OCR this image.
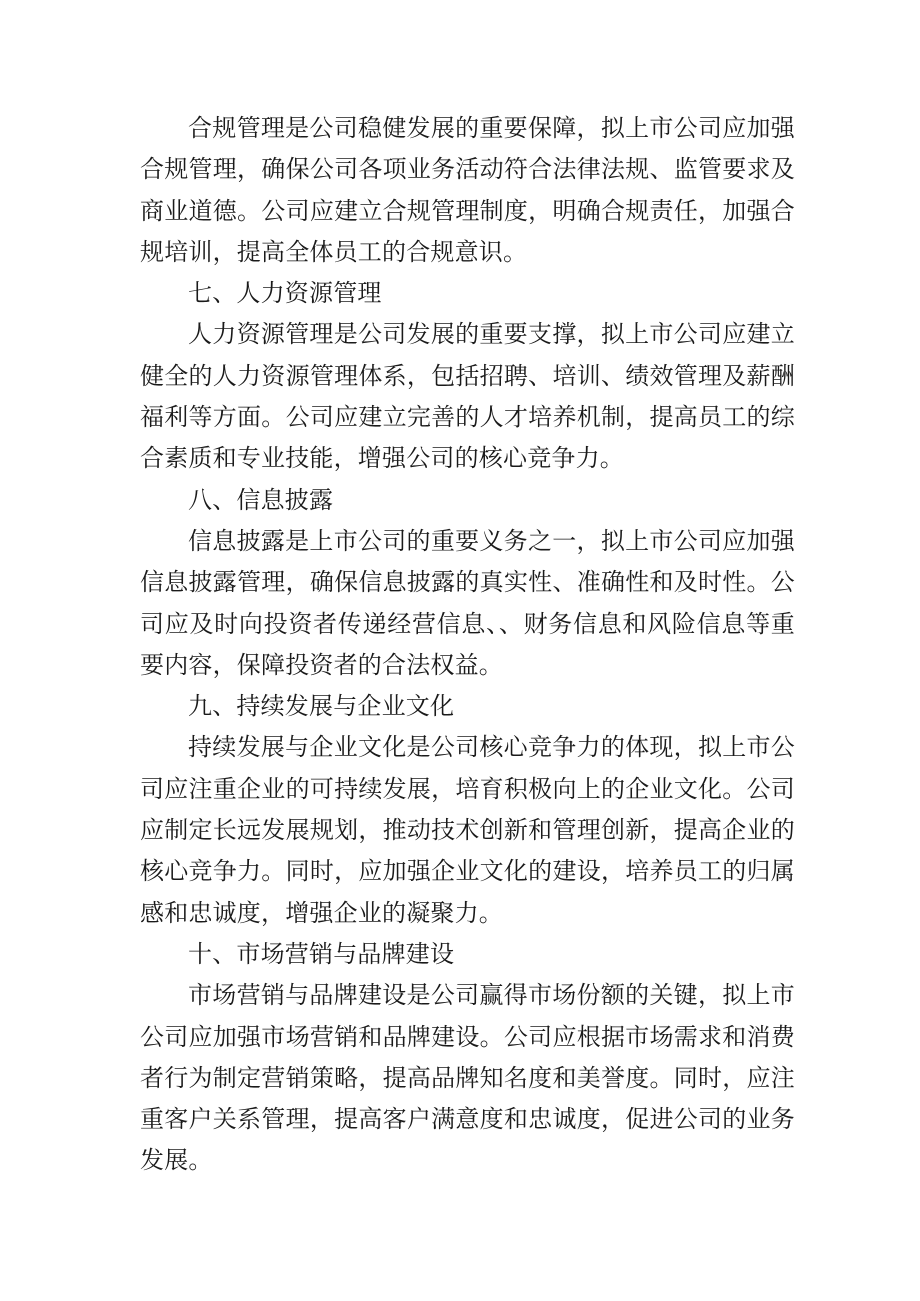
合规管理是公司稳健发展的重要保障，拟上市公司应加强合规管理，确保公司各项业务活动符合法律法规、监管要求及商业道德。公司应建立合规管理制度，明确合规责任，加强合规培训，提高全体员工的合规意识。

七、人力资源管理

人力资源管理是公司发展的重要支撑，拟上市公司应建立健全的人力资源管理体系，包括招聘、培训、绩效管理及薪酬福利等方面。公司应建立完善的人才培养机制，提高员工的综合素质和专业技能，增强公司的核心竞争力。

八、信息披露

信息披露是上市公司的重要义务之一，拟上市公司应加强信息披露管理，确保信息披露的真实性、准确性和及时性。公司应及时向投资者传递经营信息、、财务信息和风险信息等重要内容，保障投资者的合法权益。

九、持续发展与企业文化

持续发展与企业文化是公司核心竞争力的体现，拟上市公司应注重企业的可持续发展，培育积极向上的企业文化。公司应制定长远发展规划，推动技术创新和管理创新，提高企业的核心竞争力。同时，应加强企业文化的建设，培养员工的归属感和忠诚度，增强企业的凝聚力。

十、市场营销与品牌建设

市场营销与品牌建设是公司赢得市场份额的关键，拟上市公司应加强市场营销和品牌建设。公司应根据市场需求和消费者行为制定营销策略，提高品牌知名度和美誉度。同时，应注重客户关系管理，提高客户满意度和忠诚度，促进公司的业务发展。
